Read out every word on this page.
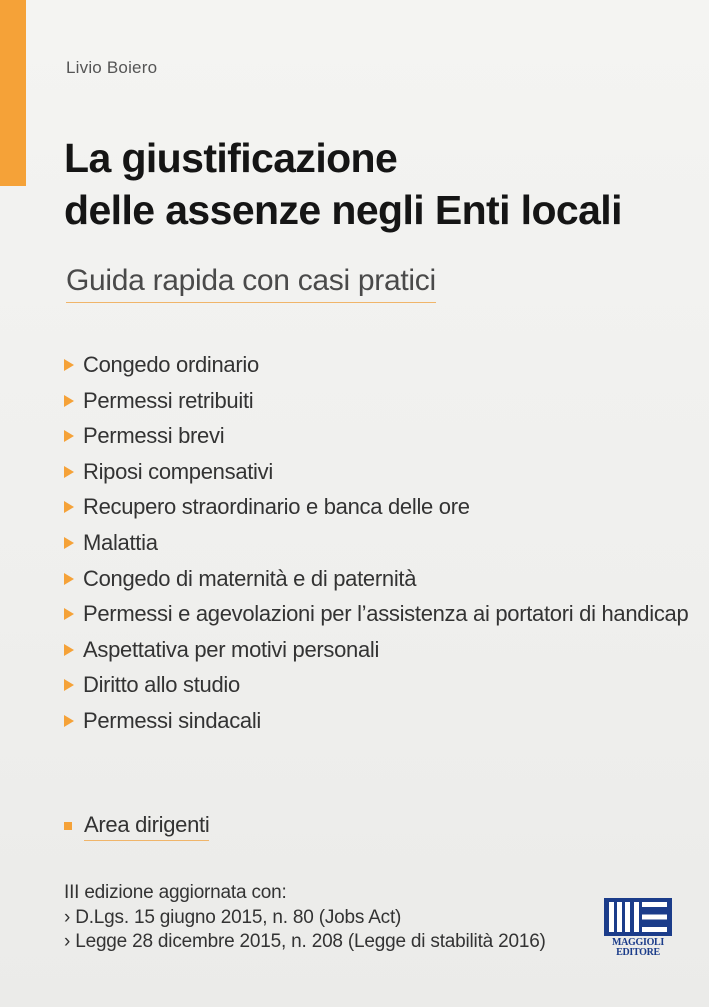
Livio Boiero
La giustificazione
delle assenze negli Enti locali
Guida rapida con casi pratici
Congedo ordinario
Permessi retribuiti
Permessi brevi
Riposi compensativi
Recupero straordinario e banca delle ore
Malattia
Congedo di maternità e di paternità
Permessi e agevolazioni per l’assistenza ai portatori di handicap
Aspettativa per motivi personali
Diritto allo studio
Permessi sindacali
Area dirigenti
III edizione aggiornata con:
› D.Lgs. 15 giugno 2015, n. 80 (Jobs Act)
› Legge 28 dicembre 2015, n. 208 (Legge di stabilità 2016)	MAGGIOLI
EDITORE
